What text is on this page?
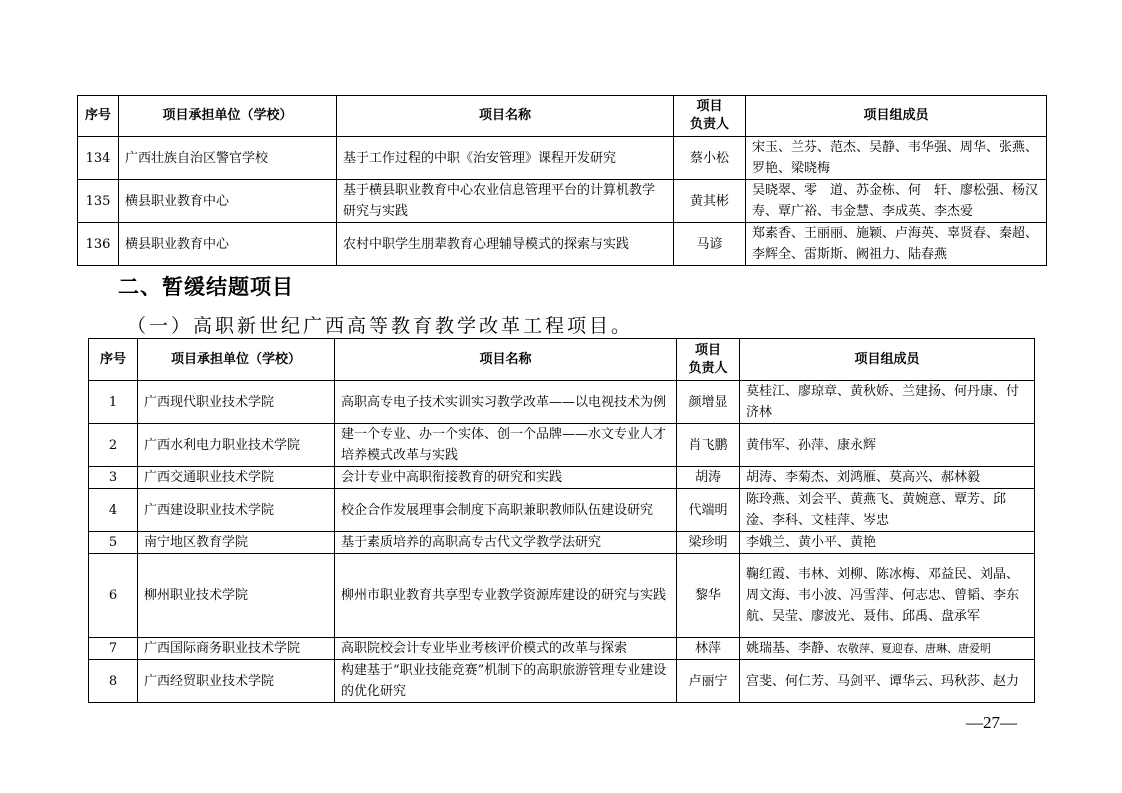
序号	项目承担单位（学校）	项目名称	项目
负责人	项目组成员
134	广西壮族自治区警官学校	基于工作过程的中职《治安管理》课程开发研究	蔡小松	宋玉、兰芬、范杰、吴静、韦华强、周华、张燕、罗艳、梁晓梅
135	横县职业教育中心	基于横县职业教育中心农业信息管理平台的计算机教学研究与实践	黄其彬	吴晓翠、零　道、苏金栋、何　轩、廖松强、杨汉寿、覃广裕、韦金慧、李成英、李杰爱
136	横县职业教育中心	农村中职学生朋辈教育心理辅导模式的探索与实践	马谚	郑素香、王丽丽、施颖、卢海英、辜贤春、秦超、李辉全、雷斯斯、阙祖力、陆春燕
二、暂缓结题项目
（一）高职新世纪广西高等教育教学改革工程项目。
序号	项目承担单位（学校）	项目名称	项目
负责人	项目组成员
1	广西现代职业技术学院	高职高专电子技术实训实习教学改革——以电视技术为例	颜增显	莫桂江、廖琼章、黄秋娇、兰建扬、何丹康、付济林
2	广西水利电力职业技术学院	建一个专业、办一个实体、创一个品牌——水文专业人才培养模式改革与实践	肖飞鹏	黄伟军、孙萍、康永辉
3	广西交通职业技术学院	会计专业中高职衔接教育的研究和实践	胡涛	胡涛、李菊杰、刘鸿雁、莫高兴、郝林毅
4	广西建设职业技术学院	校企合作发展理事会制度下高职兼职教师队伍建设研究	代端明	陈玲燕、刘会平、黄燕飞、黄婉意、覃芳、邱淦、李科、文桂萍、岑忠
5	南宁地区教育学院	基于素质培养的高职高专古代文学教学法研究	梁珍明	李娥兰、黄小平、黄艳
6	柳州职业技术学院	柳州市职业教育共享型专业教学资源库建设的研究与实践	黎华	鞠红霞、韦林、刘柳、陈冰梅、邓益民、刘晶、周文海、韦小波、冯雪萍、何志忠、曾韬、李东航、吴莹、廖波光、聂伟、邱禹、盘承军
7	广西国际商务职业技术学院	高职院校会计专业毕业考核评价模式的改革与探索	林萍	姚瑞基、李静、农敬萍、夏迎春、唐琳、唐爱明
8	广西经贸职业技术学院	构建基于“职业技能竞赛”机制下的高职旅游管理专业建设的优化研究	卢丽宁	宫斐、何仁芳、马剑平、谭华云、玛秋莎、赵力
—27—
